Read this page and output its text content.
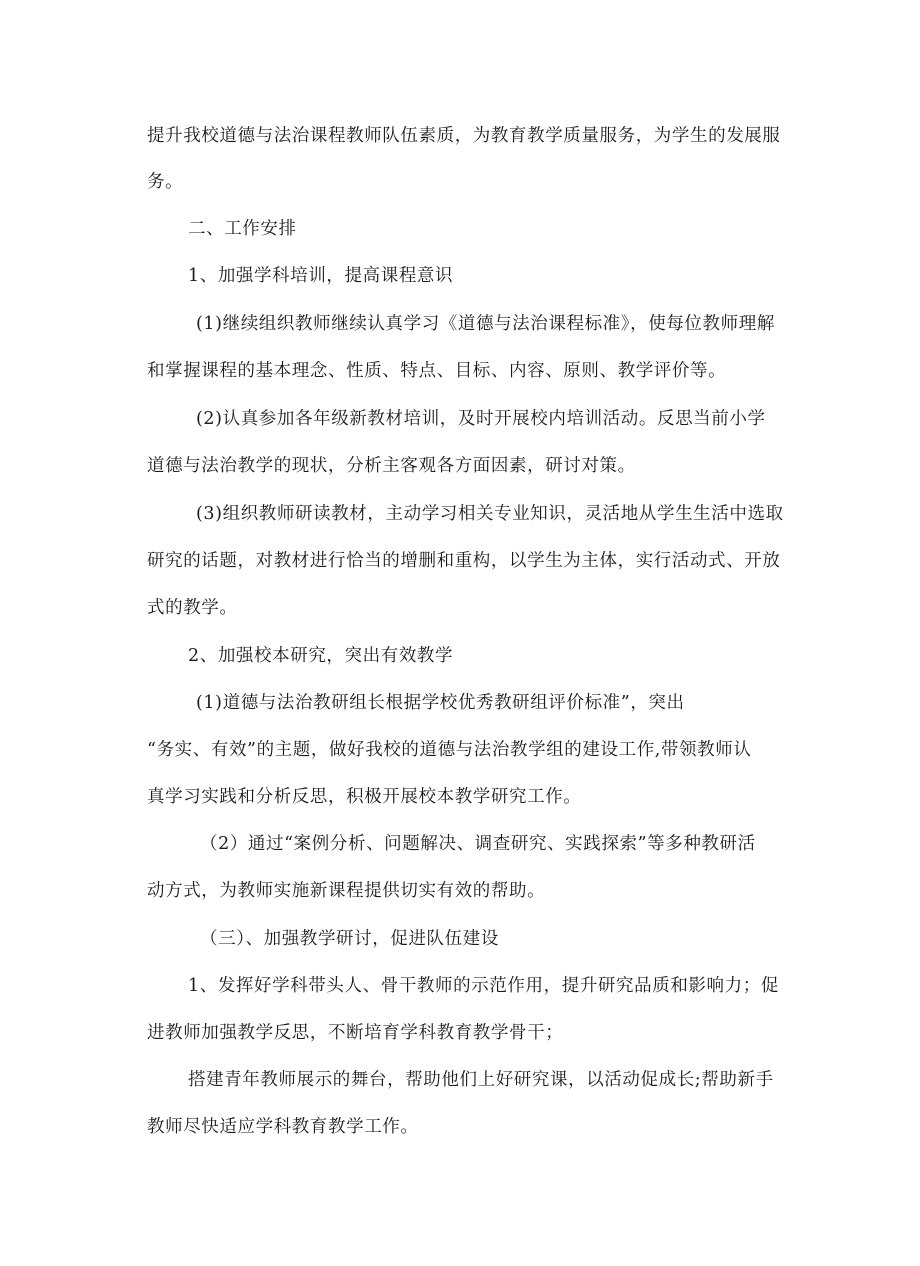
提升我校道德与法治课程教师队伍素质，为教育教学质量服务，为学生的发展服
务。
二、工作安排
1、加强学科培训，提高课程意识
(1)继续组织教师继续认真学习《道德与法治课程标准》，使每位教师理解
和掌握课程的基本理念、性质、特点、目标、内容、原则、教学评价等。
(2)认真参加各年级新教材培训，及时开展校内培训活动。反思当前小学
道德与法治教学的现状，分析主客观各方面因素，研讨对策。
(3)组织教师研读教材，主动学习相关专业知识，灵活地从学生生活中选取
研究的话题，对教材进行恰当的增删和重构，以学生为主体，实行活动式、开放
式的教学。
2、加强校本研究，突出有效教学
(1)道德与法治教研组长根据学校优秀教研组评价标准”，突出
“务实、有效”的主题，做好我校的道德与法治教学组的建设工作,带领教师认
真学习实践和分析反思，积极开展校本教学研究工作。
（2）通过“案例分析、问题解决、调查研究、实践探索”等多种教研活
动方式，为教师实施新课程提供切实有效的帮助。
（三）、加强教学研讨，促进队伍建设
1、发挥好学科带头人、骨干教师的示范作用，提升研究品质和影响力；促
进教师加强教学反思，不断培育学科教育教学骨干；
搭建青年教师展示的舞台，帮助他们上好研究课，以活动促成长;帮助新手
教师尽快适应学科教育教学工作。
